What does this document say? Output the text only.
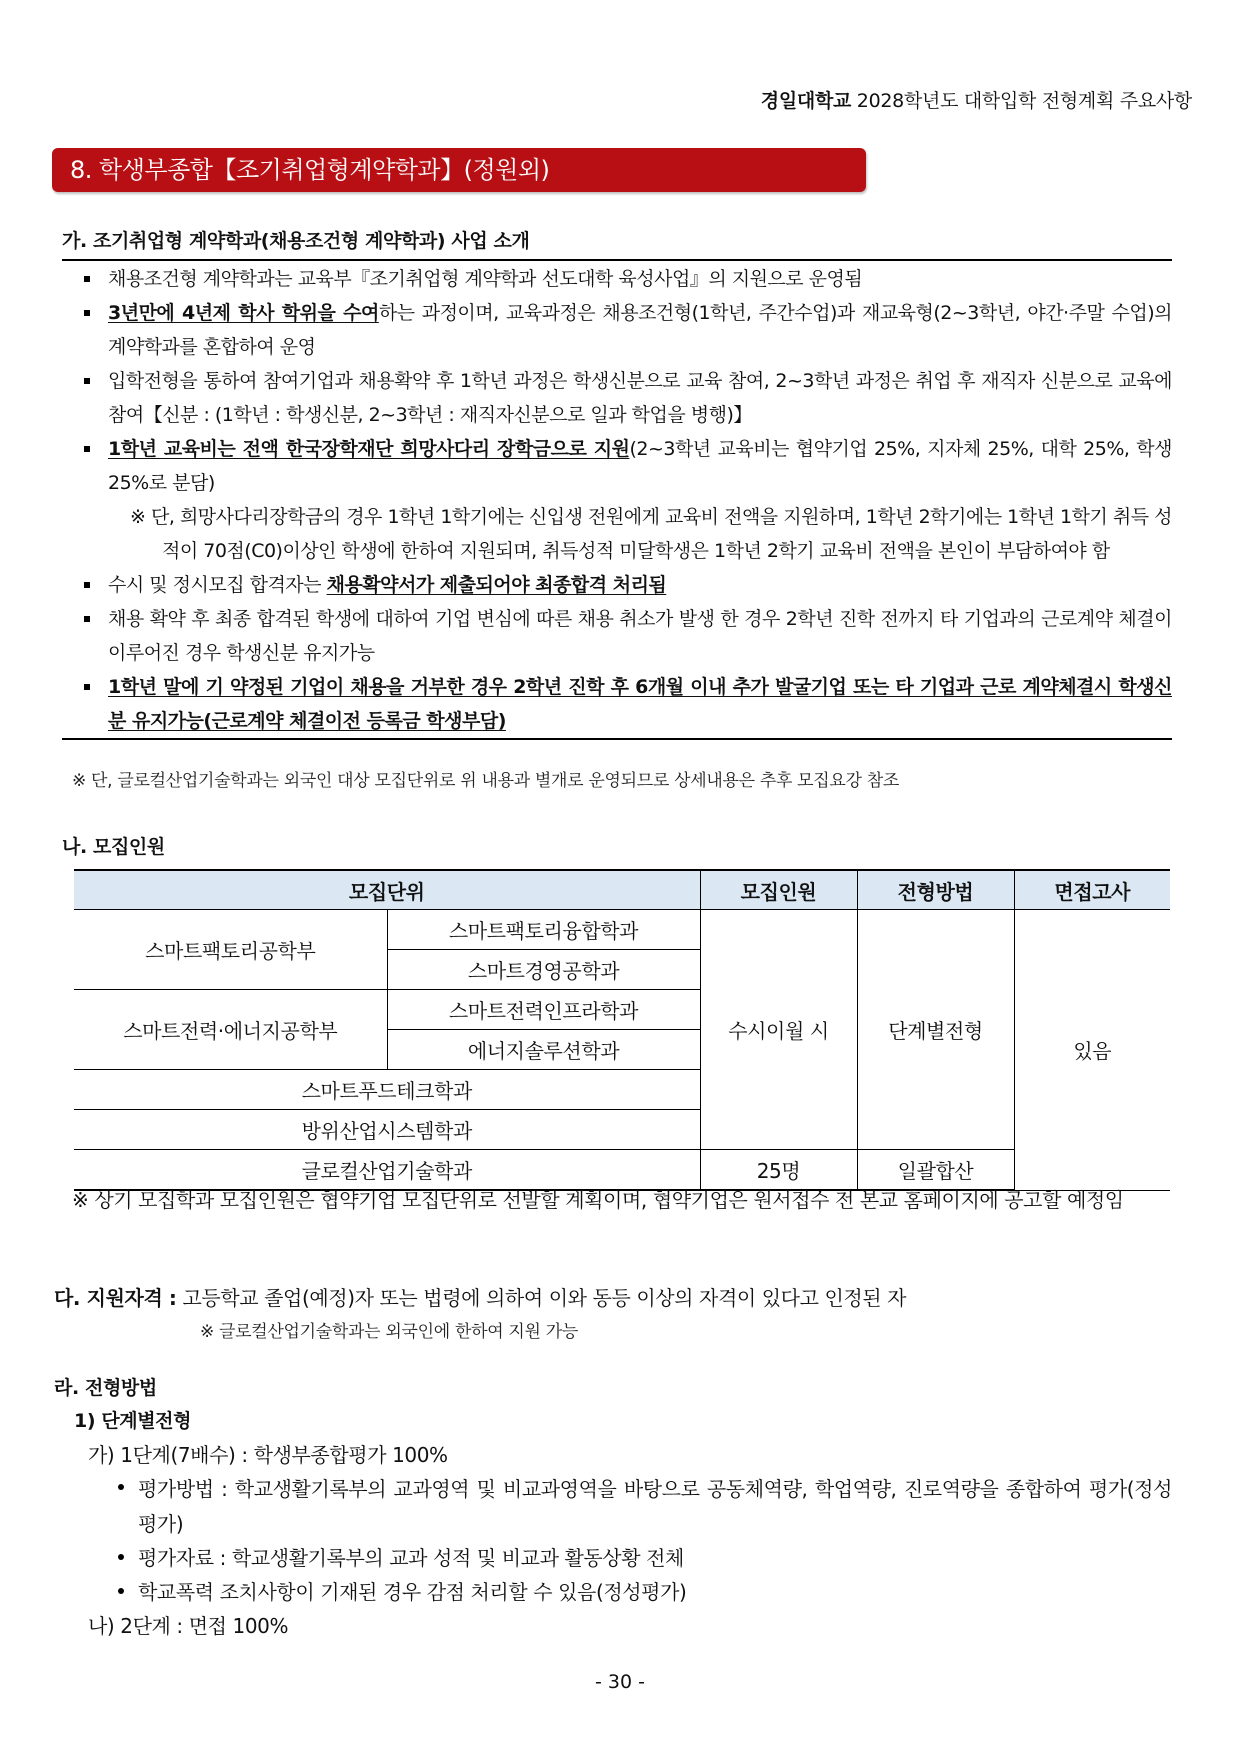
경일대학교 2028학년도 대학입학 전형계획 주요사항
8. 학생부종합【조기취업형계약학과】(정원외)
가. 조기취업형 계약학과(채용조건형 계약학과) 사업 소개
채용조건형 계약학과는 교육부『조기취업형 계약학과 선도대학 육성사업』의 지원으로 운영됨
3년만에 4년제 학사 학위을 수여하는 과정이며, 교육과정은 채용조건형(1학년, 주간수업)과 재교육형(2~3학년, 야간·주말 수업)의 계약학과를 혼합하여 운영
입학전형을 통하여 참여기업과 채용확약 후 1학년 과정은 학생신분으로 교육 참여, 2~3학년 과정은 취업 후 재직자 신분으로 교육에 참여【신분 : (1학년 : 학생신분, 2~3학년 : 재직자신분으로 일과 학업을 병행)】
1학년 교육비는 전액 한국장학재단 희망사다리 장학금으로 지원(2~3학년 교육비는 협약기업 25%, 지자체 25%, 대학 25%, 학생 25%로 분담)
※ 단, 희망사다리장학금의 경우 1학년 1학기에는 신입생 전원에게 교육비 전액을 지원하며, 1학년 2학기에는 1학년 1학기 취득 성적이 70점(C0)이상인 학생에 한하여 지원되며, 취득성적 미달학생은 1학년 2학기 교육비 전액을 본인이 부담하여야 함
수시 및 정시모집 합격자는 채용확약서가 제출되어야 최종합격 처리됨
채용 확약 후 최종 합격된 학생에 대하여 기업 변심에 따른 채용 취소가 발생 한 경우 2학년 진학 전까지 타 기업과의 근로계약 체결이 이루어진 경우 학생신분 유지가능
1학년 말에 기 약정된 기업이 채용을 거부한 경우 2학년 진학 후 6개월 이내 추가 발굴기업 또는 타 기업과 근로 계약체결시 학생신분 유지가능(근로계약 체결이전 등록금 학생부담)
※ 단, 글로컬산업기술학과는 외국인 대상 모집단위로 위 내용과 별개로 운영되므로 상세내용은 추후 모집요강 참조
나. 모집인원
모집단위		모집인원	전형방법	면접고사
스마트팩토리공학부	스마트팩토리융합학과	수시이월 시	단계별전형	있음
	스마트경영공학과			
스마트전력·에너지공학부	스마트전력인프라학과			
	에너지솔루션학과			
스마트푸드테크학과				
방위산업시스템학과				
글로컬산업기술학과		25명	일괄합산	
※ 상기 모집학과 모집인원은 협약기업 모집단위로 선발할 계획이며, 협약기업은 원서접수 전 본교 홈페이지에 공고할 예정임
다. 지원자격 : 고등학교 졸업(예정)자 또는 법령에 의하여 이와 동등 이상의 자격이 있다고 인정된 자
※ 글로컬산업기술학과는 외국인에 한하여 지원 가능
라. 전형방법
1) 단계별전형
가) 1단계(7배수) : 학생부종합평가 100%
평가방법 : 학교생활기록부의 교과영역 및 비교과영역을 바탕으로 공동체역량, 학업역량, 진로역량을 종합하여 평가(정성평가)
평가자료 : 학교생활기록부의 교과 성적 및 비교과 활동상황 전체
학교폭력 조치사항이 기재된 경우 감점 처리할 수 있음(정성평가)
나) 2단계 : 면접 100%
- 30 -
